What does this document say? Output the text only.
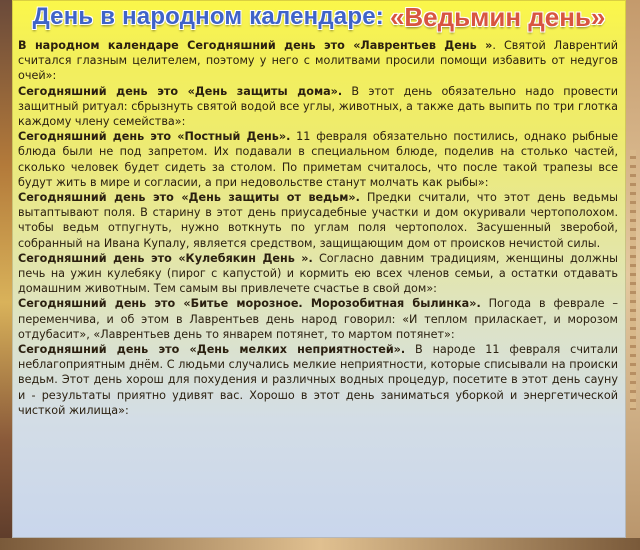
День в народном календаре: «Ведьмин день»

В народном календаре Сегодняшний день это «Лаврентьев День ». Святой Лаврентий считался глазным целителем, поэтому у него с молитвами просили помощи избавить от недугов очей»:

Сегодняшний день это «День защиты дома». В этот день обязательно надо провести защитный ритуал: сбрызнуть святой водой все углы, животных, а также дать выпить по три глотка каждому члену семейства»:

Сегодняшний день это «Постный День». 11 февраля обязательно постились, однако рыбные блюда были не под запретом. Их подавали в специальном блюде, поделив на столько частей, сколько человек будет сидеть за столом. По приметам считалось, что после такой трапезы все будут жить в мире и согласии, а при недовольстве станут молчать как рыбы»:

Сегодняшний день это «День защиты от ведьм». Предки считали, что этот день ведьмы вытаптывают поля. В старину в этот день приусадебные участки и дом окуривали чертополохом. чтобы ведьм отпугнуть, нужно воткнуть по углам поля чертополох. Засушенный зверобой, собранный на Ивана Купалу, является средством, защищающим дом от происков нечистой силы.

Сегодняшний день это «Кулебякин День ». Согласно давним традициям, женщины должны печь на ужин кулебяку (пирог с капустой) и кормить ею всех членов семьи, а остатки отдавать домашним животным. Тем самым вы привлечете счастье в свой дом»:

Сегодняшний день это «Битье морозное. Морозобитная былинка». Погода в феврале – переменчива, и об этом в Лаврентьев день народ говорил: «И теплом приласкает, и морозом отдубасит», «Лаврентьев день то январем потянет, то мартом потянет»:

Сегодняшний день это «День мелких неприятностей». В народе 11 февраля считали неблагоприятным днём. С людьми случались мелкие неприятности, которые списывали на происки ведьм. Этот день хорош для похудения и различных водных процедур, посетите в этот день сауну и - результаты приятно удивят вас. Хорошо в этот день заниматься уборкой и энергетической чисткой жилища»:
